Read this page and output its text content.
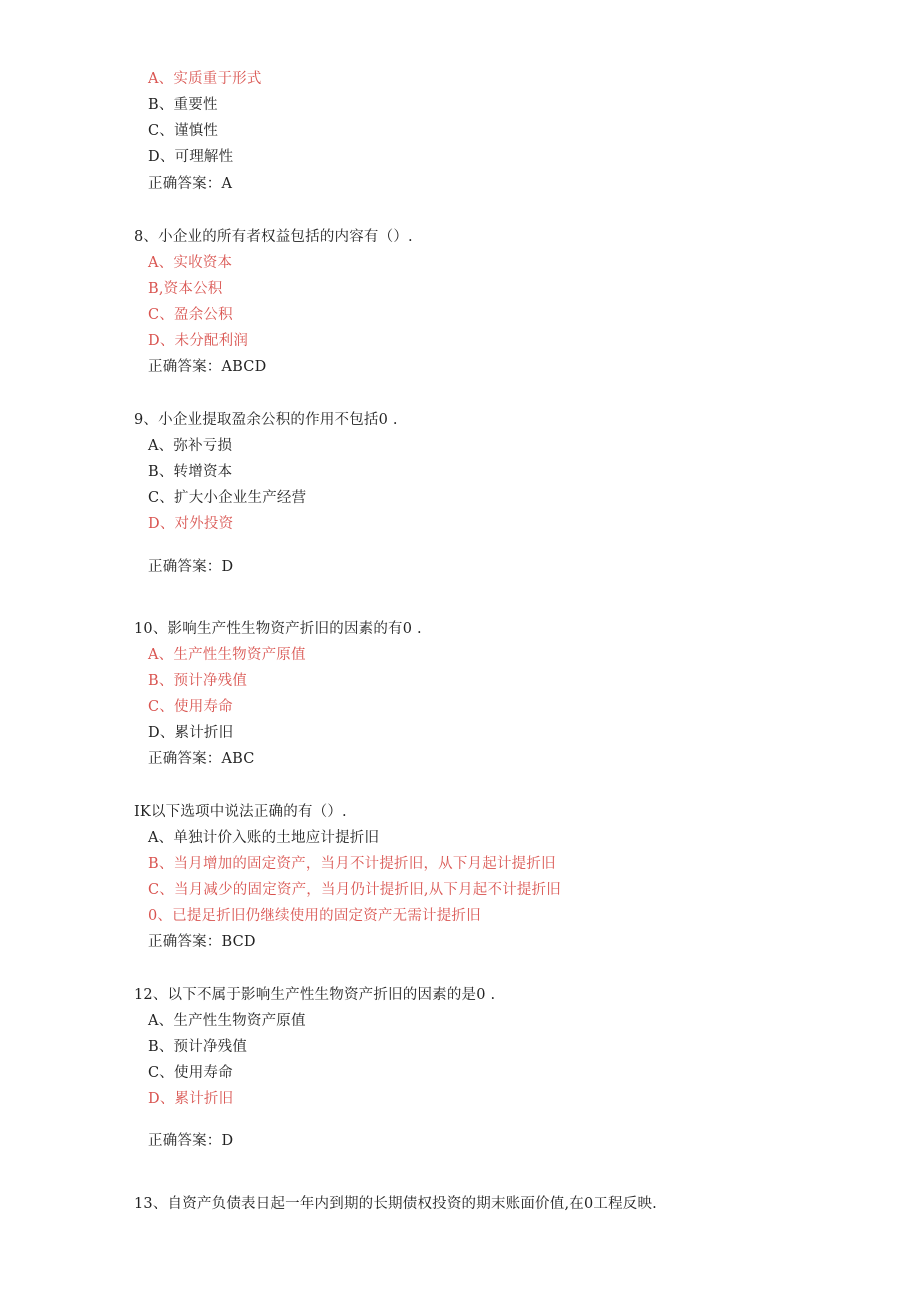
A、实质重于形式
B、重要性
C、谨慎性
D、可理解性
正确答案：A
8、小企业的所有者权益包括的内容有（）.
A、实收资本
B,资本公积
C、盈余公积
D、未分配利润
正确答案：ABCD
9、小企业提取盈余公积的作用不包括0 .
A、弥补亏损
B、转增资本
C、扩大小企业生产经营
D、对外投资
正确答案：D
10、影响生产性生物资产折旧的因素的有0 .
A、生产性生物资产原值
B、预计净残值
C、使用寿命
D、累计折旧
正确答案：ABC
IK以下选项中说法正确的有（）.
A、单独计价入账的土地应计提折旧
B、当月增加的固定资产，当月不计提折旧，从下月起计提折旧
C、当月减少的固定资产，当月仍计提折旧,从下月起不计提折旧
0、已提足折旧仍继续使用的固定资产无需计提折旧
正确答案：BCD
12、以下不属于影响生产性生物资产折旧的因素的是0 .
A、生产性生物资产原值
B、预计净残值
C、使用寿命
D、累计折旧
正确答案：D
13、自资产负债表日起一年内到期的长期债权投资的期末账面价值,在0工程反映.
